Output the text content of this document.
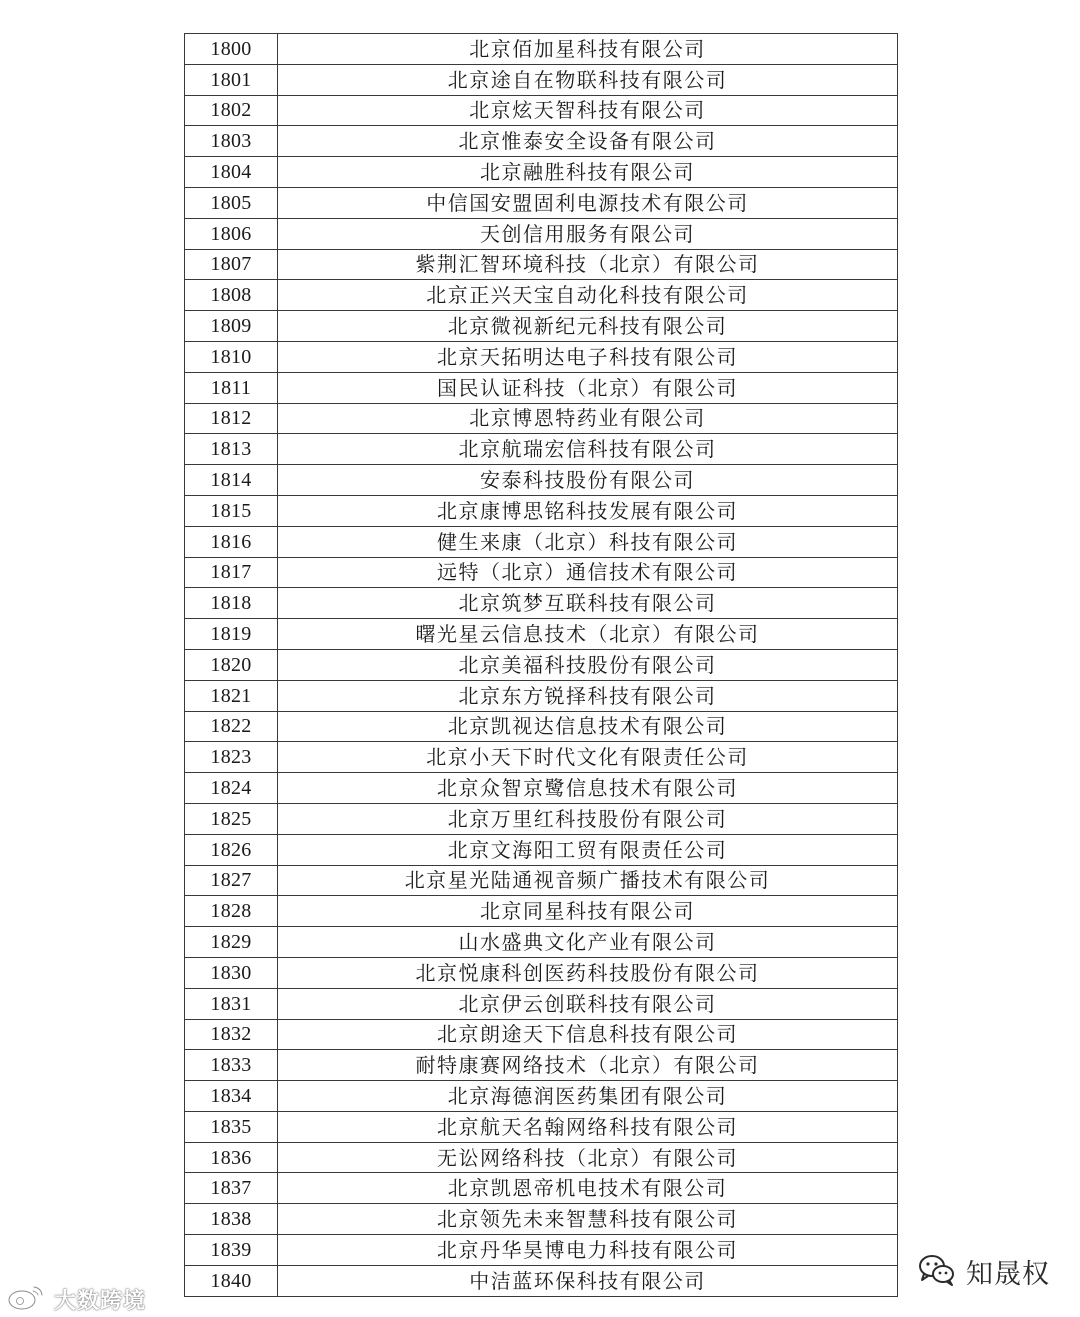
1800	北京佰加星科技有限公司
1801	北京途自在物联科技有限公司
1802	北京炫天智科技有限公司
1803	北京惟泰安全设备有限公司
1804	北京融胜科技有限公司
1805	中信国安盟固利电源技术有限公司
1806	天创信用服务有限公司
1807	紫荆汇智环境科技（北京）有限公司
1808	北京正兴天宝自动化科技有限公司
1809	北京微视新纪元科技有限公司
1810	北京天拓明达电子科技有限公司
1811	国民认证科技（北京）有限公司
1812	北京博恩特药业有限公司
1813	北京航瑞宏信科技有限公司
1814	安泰科技股份有限公司
1815	北京康博思铭科技发展有限公司
1816	健生来康（北京）科技有限公司
1817	远特（北京）通信技术有限公司
1818	北京筑梦互联科技有限公司
1819	曙光星云信息技术（北京）有限公司
1820	北京美福科技股份有限公司
1821	北京东方锐择科技有限公司
1822	北京凯视达信息技术有限公司
1823	北京小天下时代文化有限责任公司
1824	北京众智京鹭信息技术有限公司
1825	北京万里红科技股份有限公司
1826	北京文海阳工贸有限责任公司
1827	北京星光陆通视音频广播技术有限公司
1828	北京同星科技有限公司
1829	山水盛典文化产业有限公司
1830	北京悦康科创医药科技股份有限公司
1831	北京伊云创联科技有限公司
1832	北京朗途天下信息科技有限公司
1833	耐特康赛网络技术（北京）有限公司
1834	北京海德润医药集团有限公司
1835	北京航天名翰网络科技有限公司
1836	无讼网络科技（北京）有限公司
1837	北京凯恩帝机电技术有限公司
1838	北京领先未来智慧科技有限公司
1839	北京丹华昊博电力科技有限公司
1840	中洁蓝环保科技有限公司
大数跨境
知晟权
